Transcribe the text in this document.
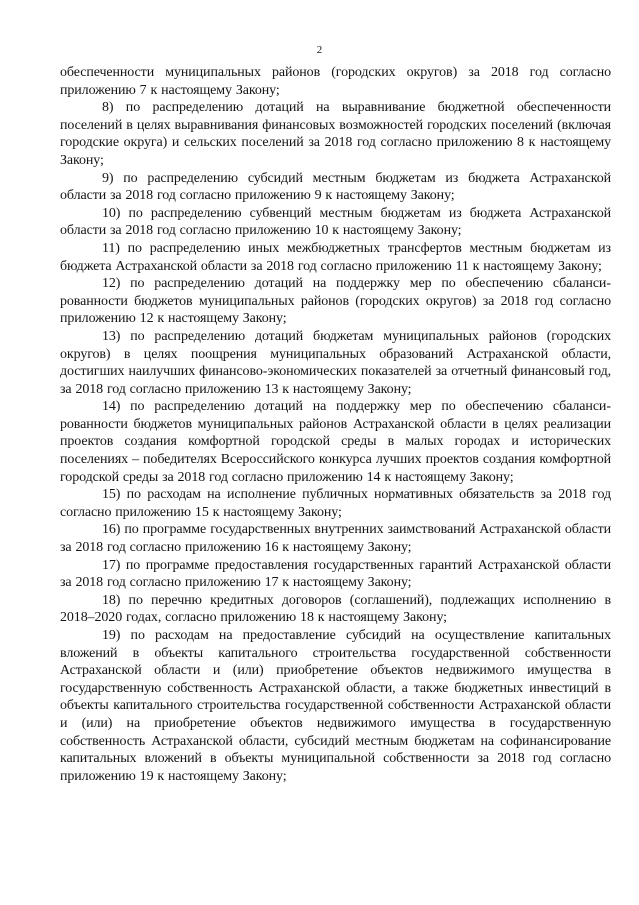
2

обеспеченности муниципальных районов (городских округов) за 2018 год согласно приложению 7 к настоящему Закону;

8) по распределению дотаций на выравнивание бюджетной обеспеченности поселений в целях выравнивания финансовых возможностей городских поселений (включая городские округа) и сельских поселений за 2018 год согласно приложению 8 к настоящему Закону;

9) по распределению субсидий местным бюджетам из бюджета Астраханской области за 2018 год согласно приложению 9 к настоящему Закону;

10) по распределению субвенций местным бюджетам из бюджета Астраханской области за 2018 год согласно приложению 10 к настоящему Закону;

11) по распределению иных межбюджетных трансфертов местным бюджетам из бюджета Астраханской области за 2018 год согласно приложению 11 к настоящему Закону;

12) по распределению дотаций на поддержку мер по обеспечению сбалансированности бюджетов муниципальных районов (городских округов) за 2018 год согласно приложению 12 к настоящему Закону;

13) по распределению дотаций бюджетам муниципальных районов (городских округов) в целях поощрения муниципальных образований Астраханской области, достигших наилучших финансово-экономических показателей за отчетный финансовый год, за 2018 год согласно приложению 13 к настоящему Закону;

14) по распределению дотаций на поддержку мер по обеспечению сбалансированности бюджетов муниципальных районов Астраханской области в целях реализации проектов создания комфортной городской среды в малых городах и исторических поселениях – победителях Всероссийского конкурса лучших проектов создания комфортной городской среды за 2018 год согласно приложению 14 к настоящему Закону;

15) по расходам на исполнение публичных нормативных обязательств за 2018 год согласно приложению 15 к настоящему Закону;

16) по программе государственных внутренних заимствований Астраханской области за 2018 год согласно приложению 16 к настоящему Закону;

17) по программе предоставления государственных гарантий Астраханской области за 2018 год согласно приложению 17 к настоящему Закону;

18) по перечню кредитных договоров (соглашений), подлежащих исполнению в 2018–2020 годах, согласно приложению 18 к настоящему Закону;

19) по расходам на предоставление субсидий на осуществление капитальных вложений в объекты капитального строительства государственной собственности Астраханской области и (или) приобретение объектов недвижимого имущества в государственную собственность Астраханской области, а также бюджетных инвестиций в объекты капитального строительства государственной собственности Астраханской области и (или) на приобретение объектов недвижимого имущества в государственную собственность Астраханской области, субсидий местным бюджетам на софинансирование капитальных вложений в объекты муниципальной собственности за 2018 год согласно приложению 19 к настоящему Закону;
